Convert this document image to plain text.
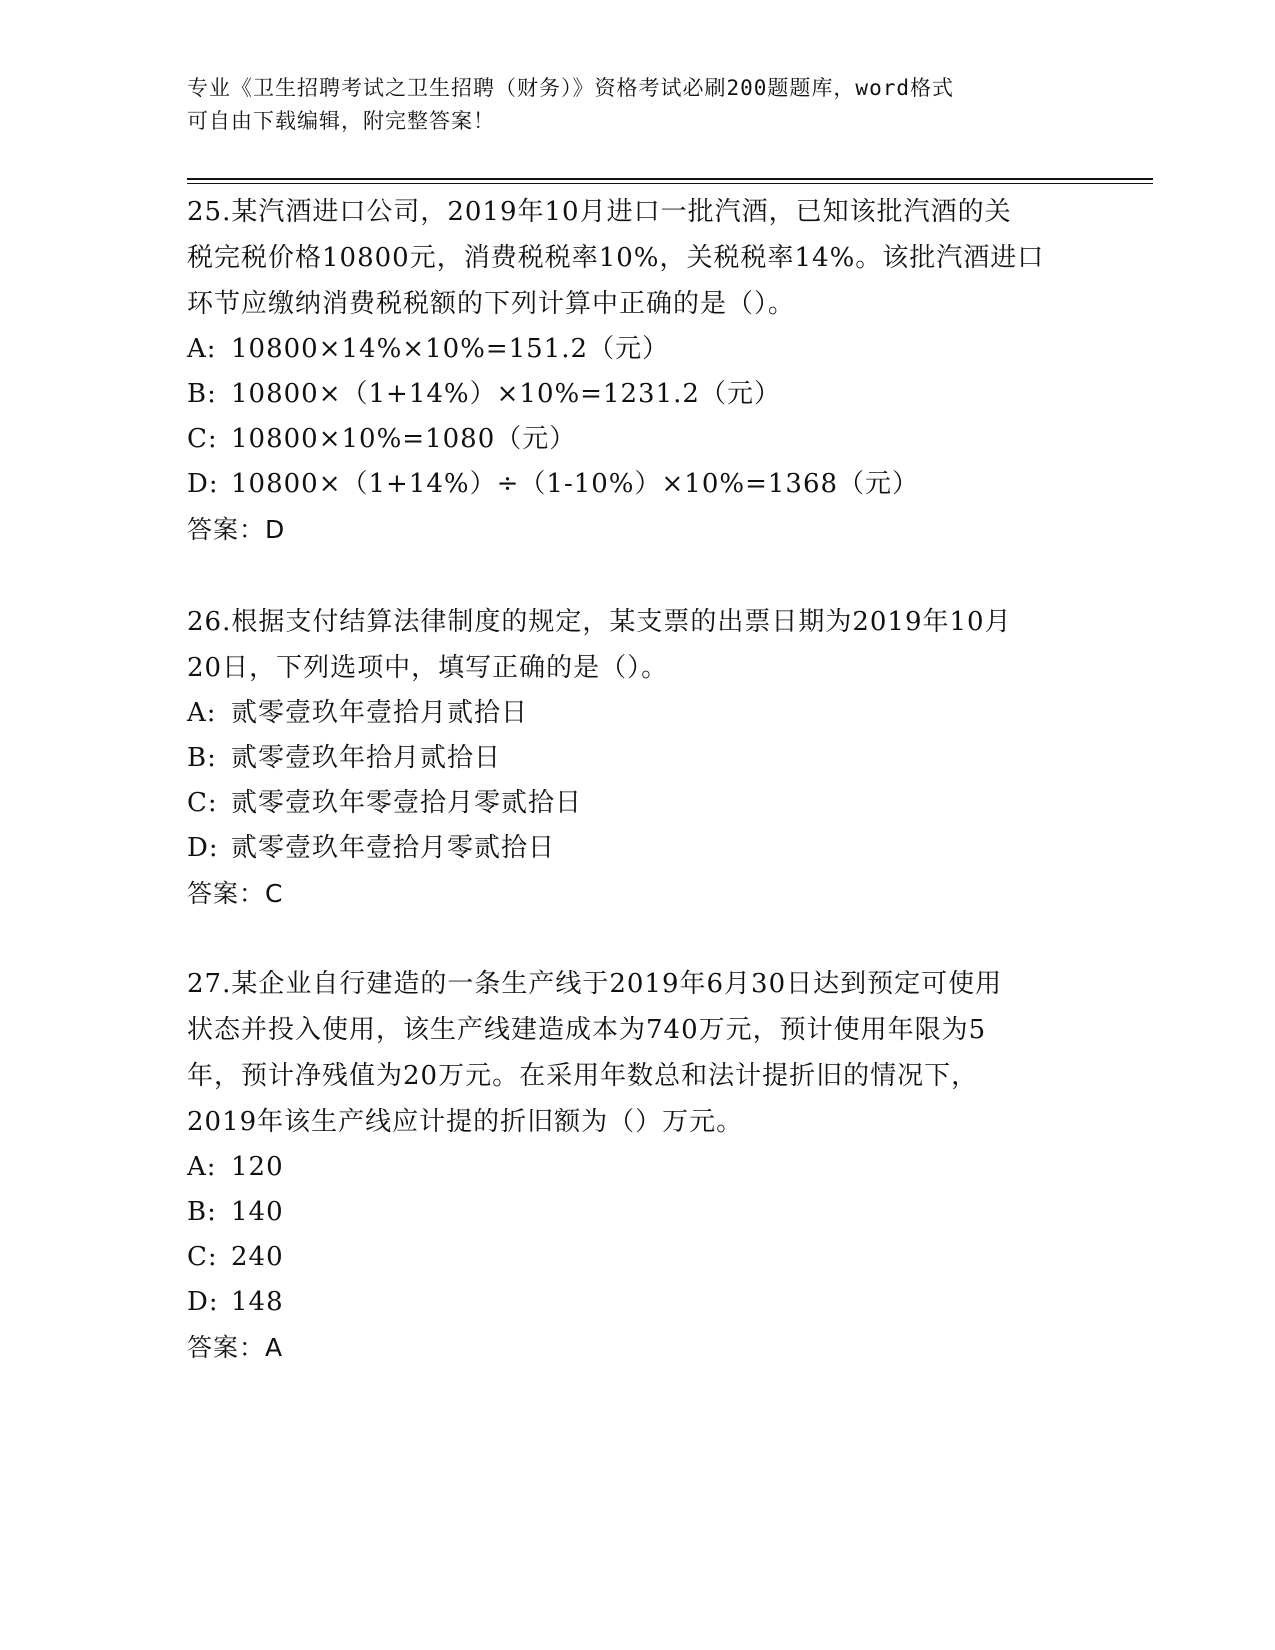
专业《卫生招聘考试之卫生招聘（财务）》资格考试必刷200题题库，word格式
可自由下载编辑，附完整答案！
25.某汽酒进口公司，2019年10月进口一批汽酒，已知该批汽酒的关
税完税价格10800元，消费税税率10%，关税税率14%。该批汽酒进口
环节应缴纳消费税税额的下列计算中正确的是（）。
A: 10800×14%×10%=151.2（元）
B: 10800×（1+14%）×10%=1231.2（元）
C: 10800×10%=1080（元）
D: 10800×（1+14%）÷（1-10%）×10%=1368（元）
答案：D
26.根据支付结算法律制度的规定，某支票的出票日期为2019年10月
20日，下列选项中，填写正确的是（）。
A: 贰零壹玖年壹拾月贰拾日
B: 贰零壹玖年拾月贰拾日
C: 贰零壹玖年零壹拾月零贰拾日
D: 贰零壹玖年壹拾月零贰拾日
答案：C
27.某企业自行建造的一条生产线于2019年6月30日达到预定可使用
状态并投入使用，该生产线建造成本为740万元，预计使用年限为5
年，预计净残值为20万元。在采用年数总和法计提折旧的情况下，
2019年该生产线应计提的折旧额为（）万元。
A: 120
B: 140
C: 240
D: 148
答案：A
